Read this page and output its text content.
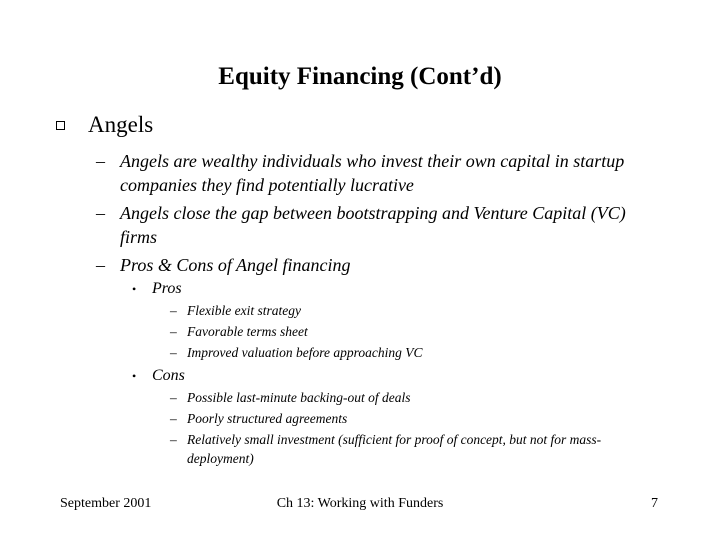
Equity Financing (Cont’d)
Angels
– Angels are wealthy individuals who invest their own capital in startup companies they find potentially lucrative
– Angels close the gap between bootstrapping and Venture Capital (VC) firms
– Pros & Cons of Angel financing
• Pros
– Flexible exit strategy
– Favorable terms sheet
– Improved valuation before approaching VC
• Cons
– Possible last-minute backing-out of deals
– Poorly structured agreements
– Relatively small investment (sufficient for proof of concept, but not for mass-deployment)
September 2001	Ch 13: Working with Funders	7
